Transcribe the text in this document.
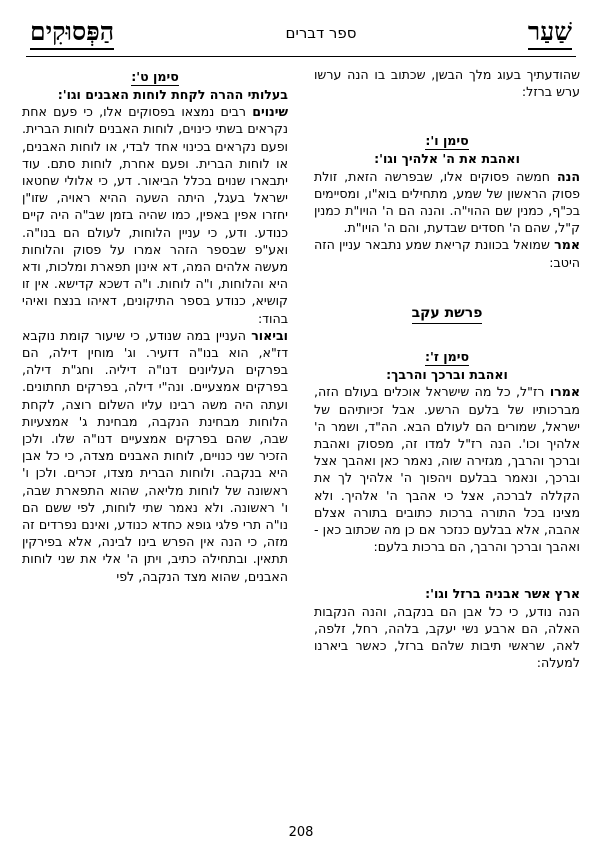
שַׁעַר
ספר דברים
הַפְּסוּקִים

שהודעתיך בעוג מלך הבשן, שכתוב בו הנה ערשו ערש ברזל:

סימן ו':

ואהבת את ה' אלהיך וגו':

הנה חמשה פסוקים אלו, שבפרשה הזאת, זולת פסוק הראשון של שמע, מתחילים בוא"ו, ומסיימים בכ"ף, כמנין שם ההוי"ה. והנה הם ה' הויו"ת כמנין ק"ל, שהם ה' חסדים שבדעת, והם ה' הויו"ת.

אמר שמואל בכוונת קריאת שמע נתבאר עניין הזה היטב:

פרשת עקב
סימן ז':

ואהבת וברכך והרבך:

אמרו רז"ל, כל מה שישראל אוכלים בעולם הזה, מברכותיו של בלעם הרשע. אבל זכיותיהם של ישראל, שמורים הם לעולם הבא. הה"ד, ושמר ה' אלהיך וכו'. הנה רז"ל למדו זה, מפסוק ואהבת וברכך והרבך, מגזירה שוה, נאמר כאן ואהבך אצל וברכך, ונאמר בבלעם ויהפוך ה' אלהיך לך את הקללה לברכה, אצל כי אהבך ה' אלהיך. ולא מצינו בכל התורה ברכות כתובים בתורה אצלם אהבה, אלא בבלעם כנזכר אם כן מה שכתוב כאן - ואהבך וברכך והרבך, הם ברכות בלעם:

ארץ אשר אבניה ברזל וגו':

הנה נודע, כי כל אבן הם בנקבה, והנה הנקבות האלה, הם ארבע נשי יעקב, בלהה, רחל, זלפה, לאה, שראשי תיבות שלהם ברזל, כאשר ביארנו למעלה:

סימן ט':

בעלותי ההרה לקחת לוחות האבנים וגו':

שינוים רבים נמצאו בפסוקים אלו, כי פעם אחת נקראים בשתי כינוים, לוחות האבנים לוחות הברית. ופעם נקראים בכינוי אחד לבדי, או לוחות האבנים, או לוחות הברית. ופעם אחרת, לוחות סתם. עוד יתבארו שנוים בכלל הביאור. דע, כי אלולי שחטאו ישראל בעגל, היתה השעה ההיא ראויה, שזו"ן יחזרו אפין באפין, כמו שהיה בזמן שב"ה היה קיים כנודע. ודע, כי עניין הלוחות, לעולם הם בנו"ה. ואע"פ שבספר הזהר אמרו על פסוק והלוחות מעשה אלהים המה, דא אינון תפארת ומלכות, ודא היא והלוחות, ו"ה לוחות. ו"ה דשכא קדישא. אין זו קושיא, כנודע בספר התיקונים, דאיהו בנצח ואיהי בהוד:

וביאור העניין במה שנודע, כי שיעור קומת נוקבא דז"א, הוא בנו"ה דזעיר. וג' מוחין דילה, הם בפרקים העליונים דנו"ה דיליה. וחג"ת דילה, בפרקים אמצעיים. ונה"י דילה, בפרקים תחתונים. ועתה היה משה רבינו עליו השלום רוצה, לקחת הלוחות מבחינת הנקבה, מבחינת ג' אמצעיות שבה, שהם בפרקים אמצעיים דנו"ה שלו. ולכן הזכיר שני כנויים, לוחות האבנים מצדה, כי כל אבן היא בנקבה. ולוחות הברית מצדו, זכרים. ולכן ו' ראשונה של לוחות מליאה, שהוא התפארת שבה, ו' ראשונה. ולא נאמר שתי לוחות, לפי ששם הם נו"ה תרי פלגי גופא כחדא כנודע, ואינם נפרדים זה מזה, כי הנה אין הפרש בינו לבינה, אלא בפירקין תתאין. ובתחילה כתיב, ויתן ה' אלי את שני לוחות האבנים, שהוא מצד הנקבה, לפי

208
